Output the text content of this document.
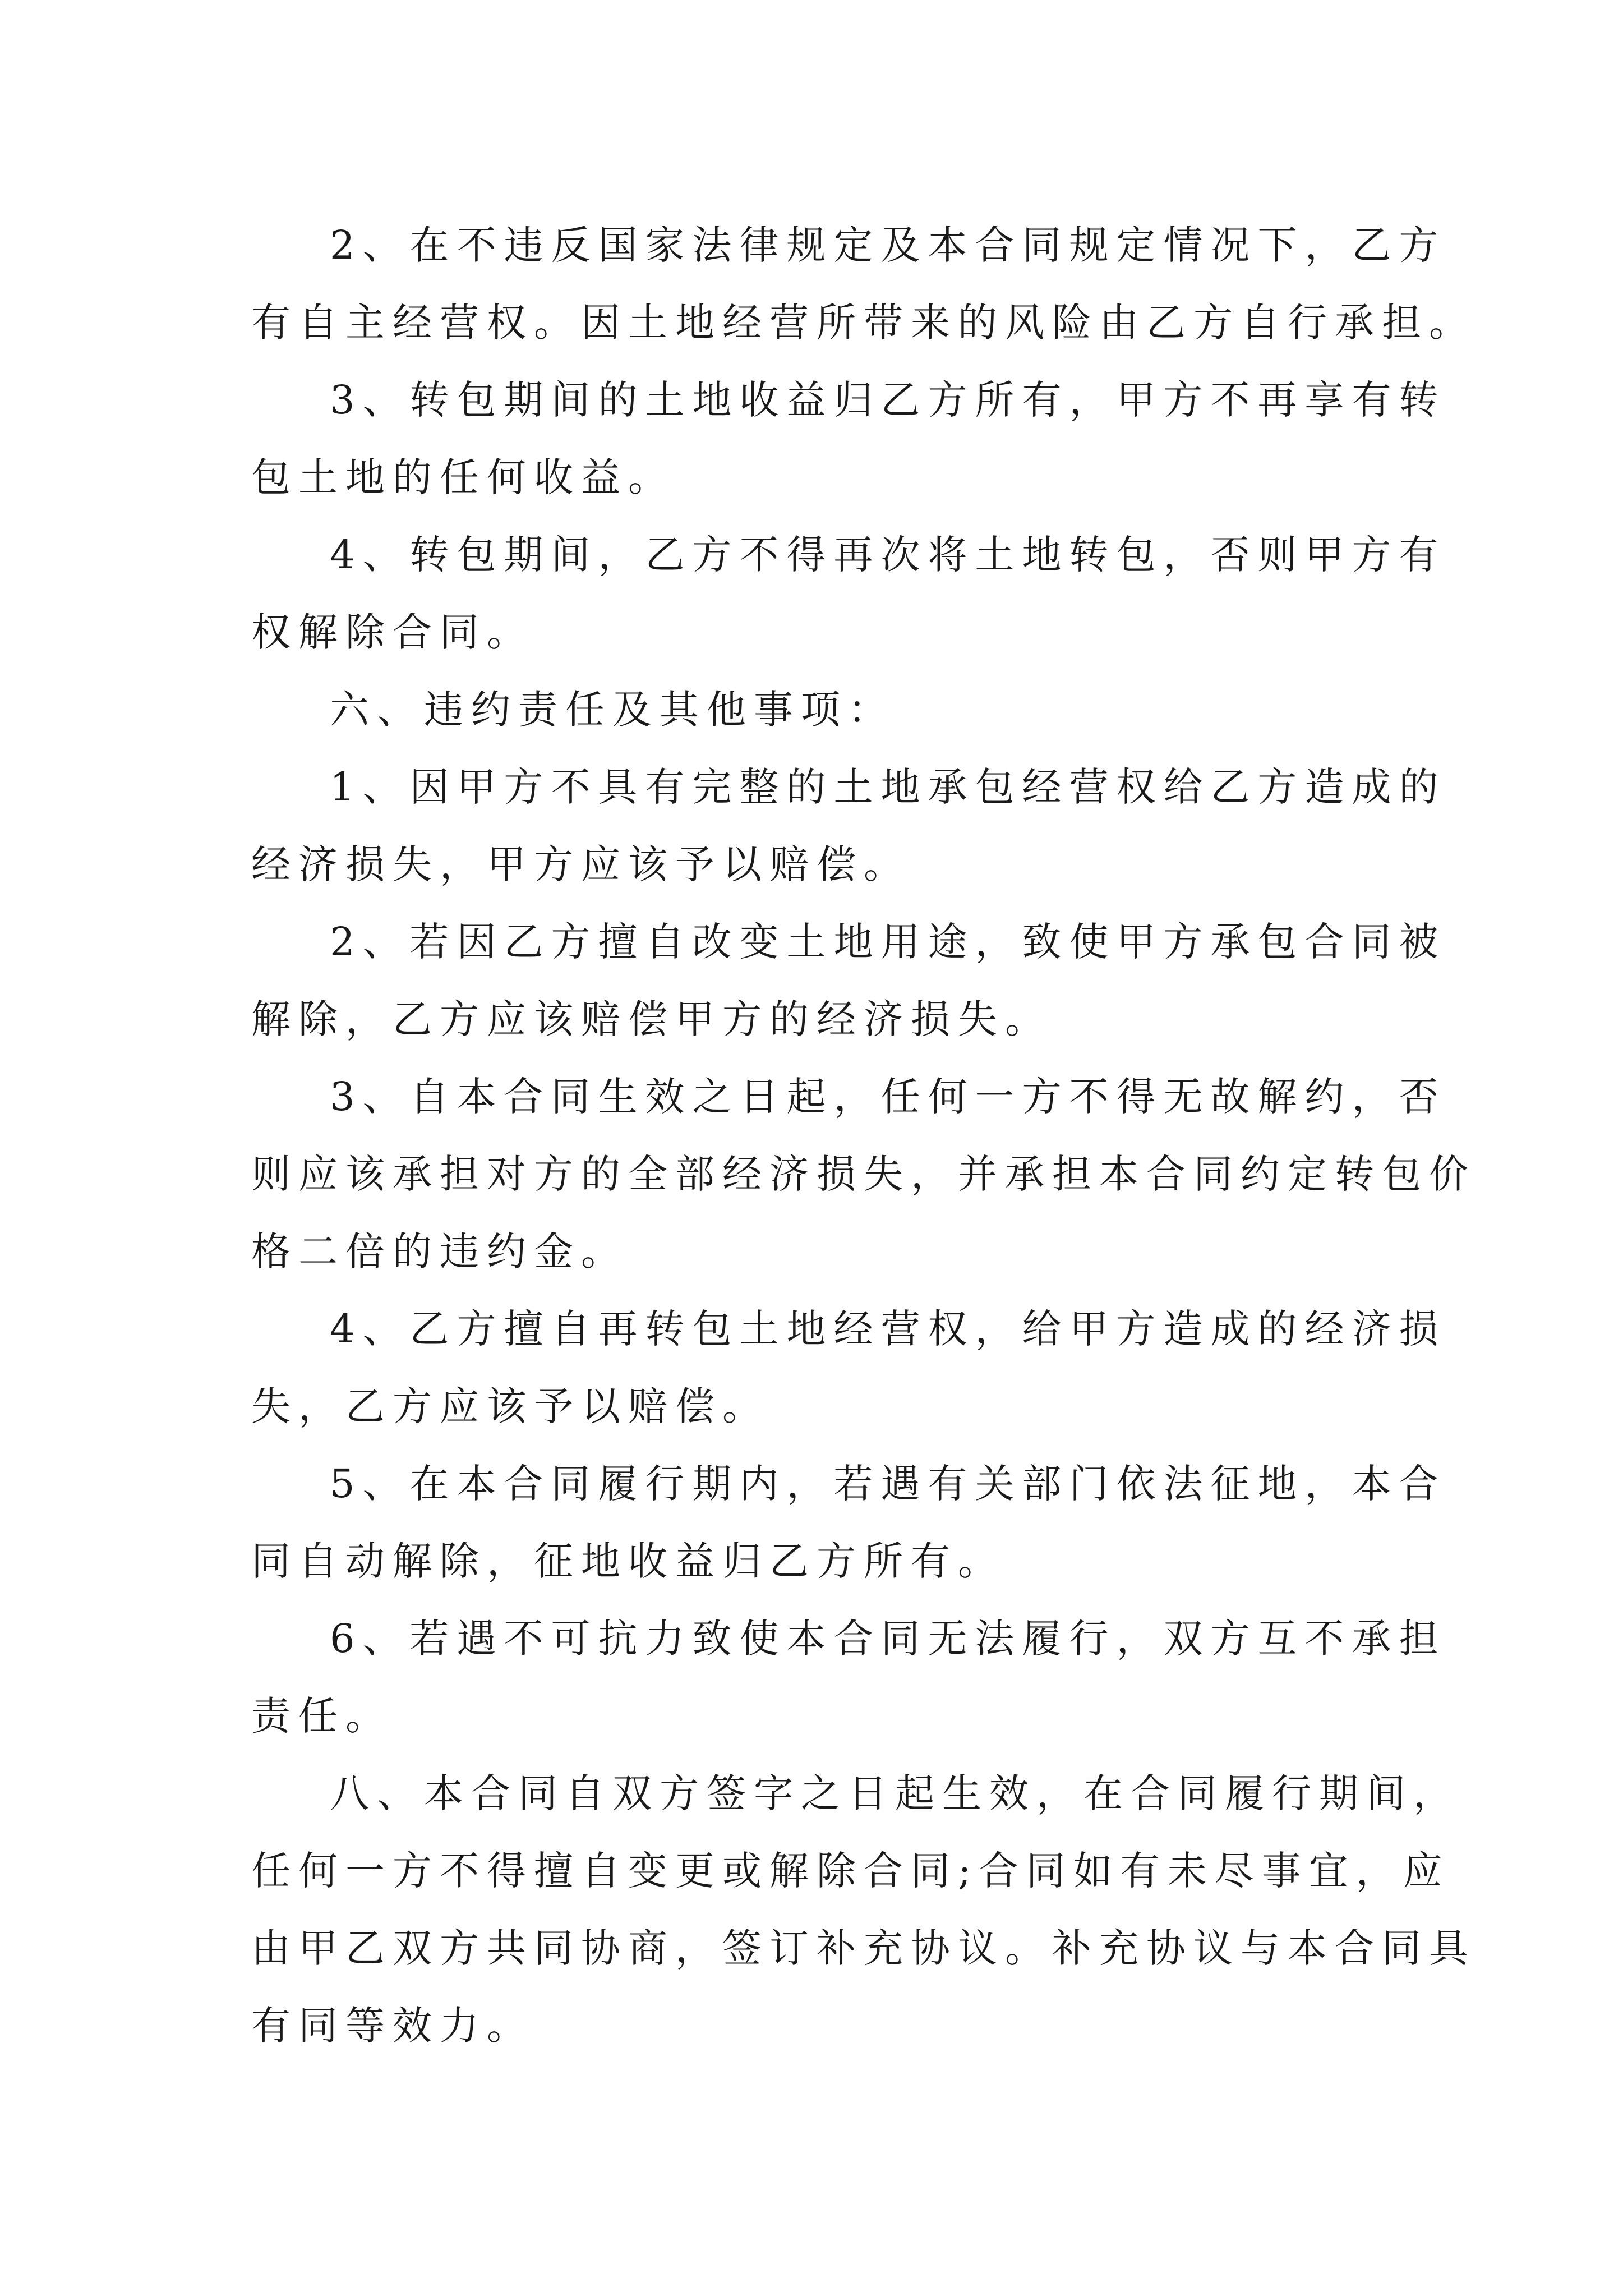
2、在不违反国家法律规定及本合同规定情况下，乙方
有自主经营权。因土地经营所带来的风险由乙方自行承担。

3、转包期间的土地收益归乙方所有，甲方不再享有转
包土地的任何收益。

4、转包期间，乙方不得再次将土地转包，否则甲方有
权解除合同。

六、违约责任及其他事项：

1、因甲方不具有完整的土地承包经营权给乙方造成的
经济损失，甲方应该予以赔偿。

2、若因乙方擅自改变土地用途，致使甲方承包合同被
解除，乙方应该赔偿甲方的经济损失。

3、自本合同生效之日起，任何一方不得无故解约，否
则应该承担对方的全部经济损失，并承担本合同约定转包价
格二倍的违约金。

4、乙方擅自再转包土地经营权，给甲方造成的经济损
失，乙方应该予以赔偿。

5、在本合同履行期内，若遇有关部门依法征地，本合
同自动解除，征地收益归乙方所有。

6、若遇不可抗力致使本合同无法履行，双方互不承担
责任。

八、本合同自双方签字之日起生效，在合同履行期间，
任何一方不得擅自变更或解除合同;合同如有未尽事宜，应
由甲乙双方共同协商，签订补充协议。补充协议与本合同具
有同等效力。
